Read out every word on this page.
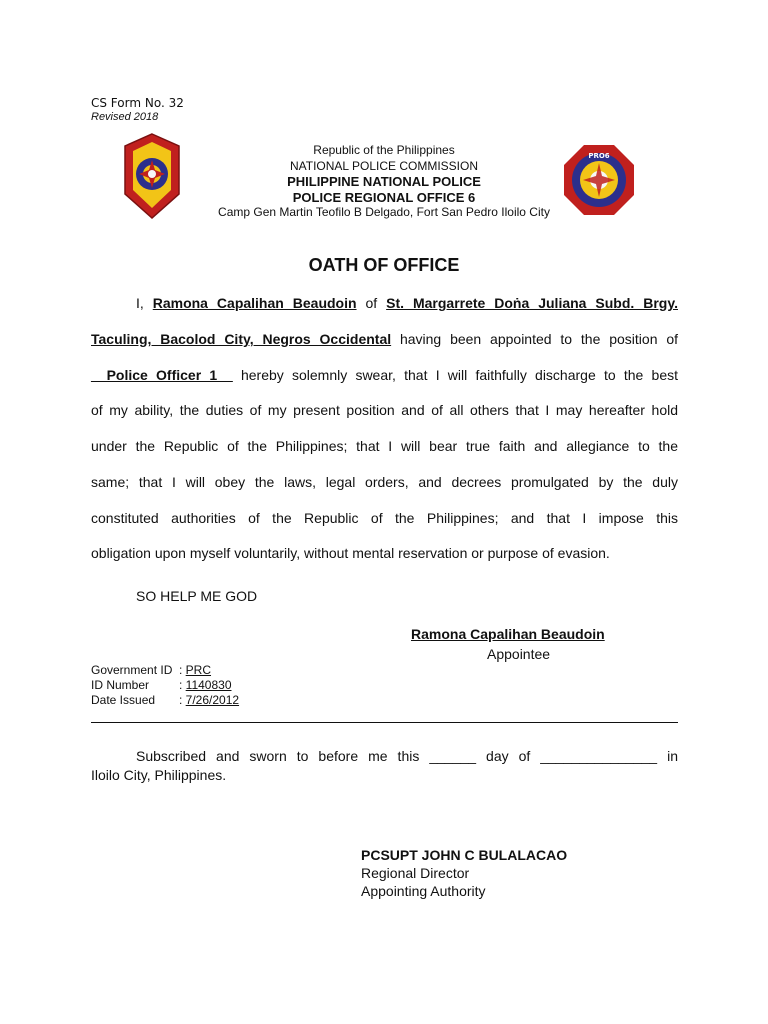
CS Form No. 32
Revised 2018
Republic of the Philippines
NATIONAL POLICE COMMISSION
PHILIPPINE NATIONAL POLICE
POLICE REGIONAL OFFICE 6
Camp Gen Martin Teofilo B Delgado, Fort San Pedro Iloilo City
PRO6
OATH OF OFFICE
I, Ramona Capalihan Beaudoin of St. Margarrete Doṅa Juliana Subd. Brgy.
Taculing, Bacolod City, Negros Occidental having been appointed to the position of
__Police Officer 1__ hereby solemnly swear, that I will faithfully discharge to the best
of my ability, the duties of my present position and of all others that I may hereafter hold
under the Republic of the Philippines; that I will bear true faith and allegiance to the
same; that I will obey the laws, legal orders, and decrees promulgated by the duly
constituted authorities of the Republic of the Philippines; and that I impose this
obligation upon myself voluntarily, without mental reservation or purpose of evasion.
SO HELP ME GOD
Ramona Capalihan Beaudoin
Appointee
Government ID : PRC
ID Number : 1140830
Date Issued : 7/26/2012
Subscribed and sworn to before me this ______ day of _______________ in
Iloilo City, Philippines.
PCSUPT JOHN C BULALACAO
Regional Director
Appointing Authority
